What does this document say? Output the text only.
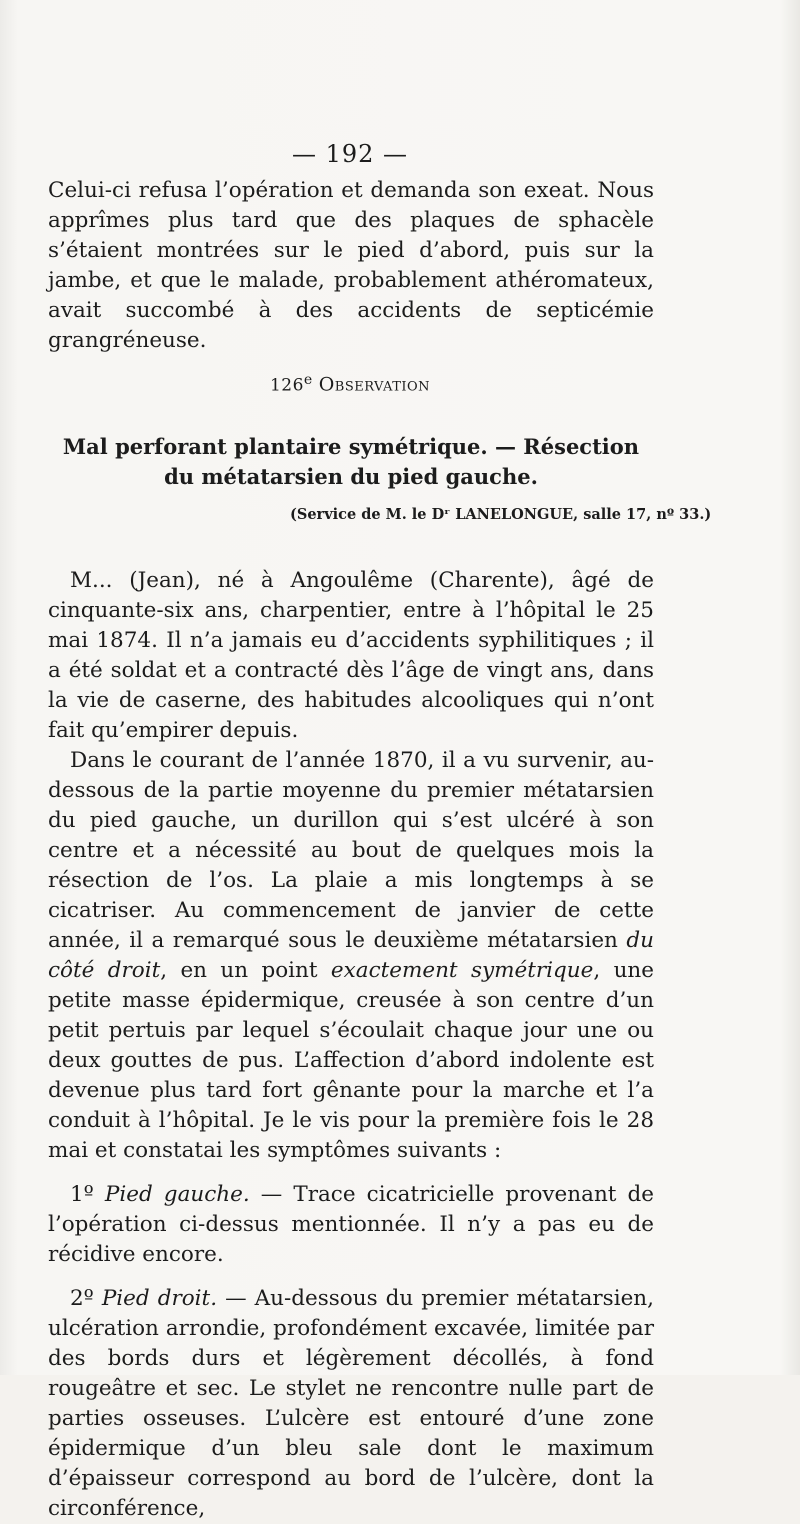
— 192 —

Celui-ci refusa l’opération et demanda son exeat. Nous apprîmes plus tard que des plaques de sphacèle s’étaient montrées sur le pied d’abord, puis sur la jambe, et que le malade, probablement athéromateux, avait succombé à des accidents de septicémie grangréneuse.

126e Observation
Mal perforant plantaire symétrique. — Résection du métatarsien du pied gauche.
(Service de M. le Dʳ LANELONGUE, salle 17, nº 33.)

M... (Jean), né à Angoulême (Charente), âgé de cinquante-six ans, charpentier, entre à l’hôpital le 25 mai 1874. Il n’a jamais eu d’accidents syphilitiques ; il a été soldat et a contracté dès l’âge de vingt ans, dans la vie de caserne, des habitudes alcooliques qui n’ont fait qu’empirer depuis.

Dans le courant de l’année 1870, il a vu survenir, au-dessous de la partie moyenne du premier métatarsien du pied gauche, un durillon qui s’est ulcéré à son centre et a nécessité au bout de quelques mois la résection de l’os. La plaie a mis longtemps à se cicatriser. Au commencement de janvier de cette année, il a remarqué sous le deuxième métatarsien du côté droit, en un point exactement symétrique, une petite masse épidermique, creusée à son centre d’un petit pertuis par lequel s’écoulait chaque jour une ou deux gouttes de pus. L’affection d’abord indolente est devenue plus tard fort gênante pour la marche et l’a conduit à l’hôpital. Je le vis pour la première fois le 28 mai et constatai les symptômes suivants :

1º Pied gauche. — Trace cicatricielle provenant de l’opération ci-dessus mentionnée. Il n’y a pas eu de récidive encore.

2º Pied droit. — Au-dessous du premier métatarsien, ulcération arrondie, profondément excavée, limitée par des bords durs et légèrement décollés, à fond rougeâtre et sec. Le stylet ne rencontre nulle part de parties osseuses. L’ulcère est entouré d’une zone épidermique d’un bleu sale dont le maximum d’épaisseur correspond au bord de l’ulcère, dont la circonférence,
